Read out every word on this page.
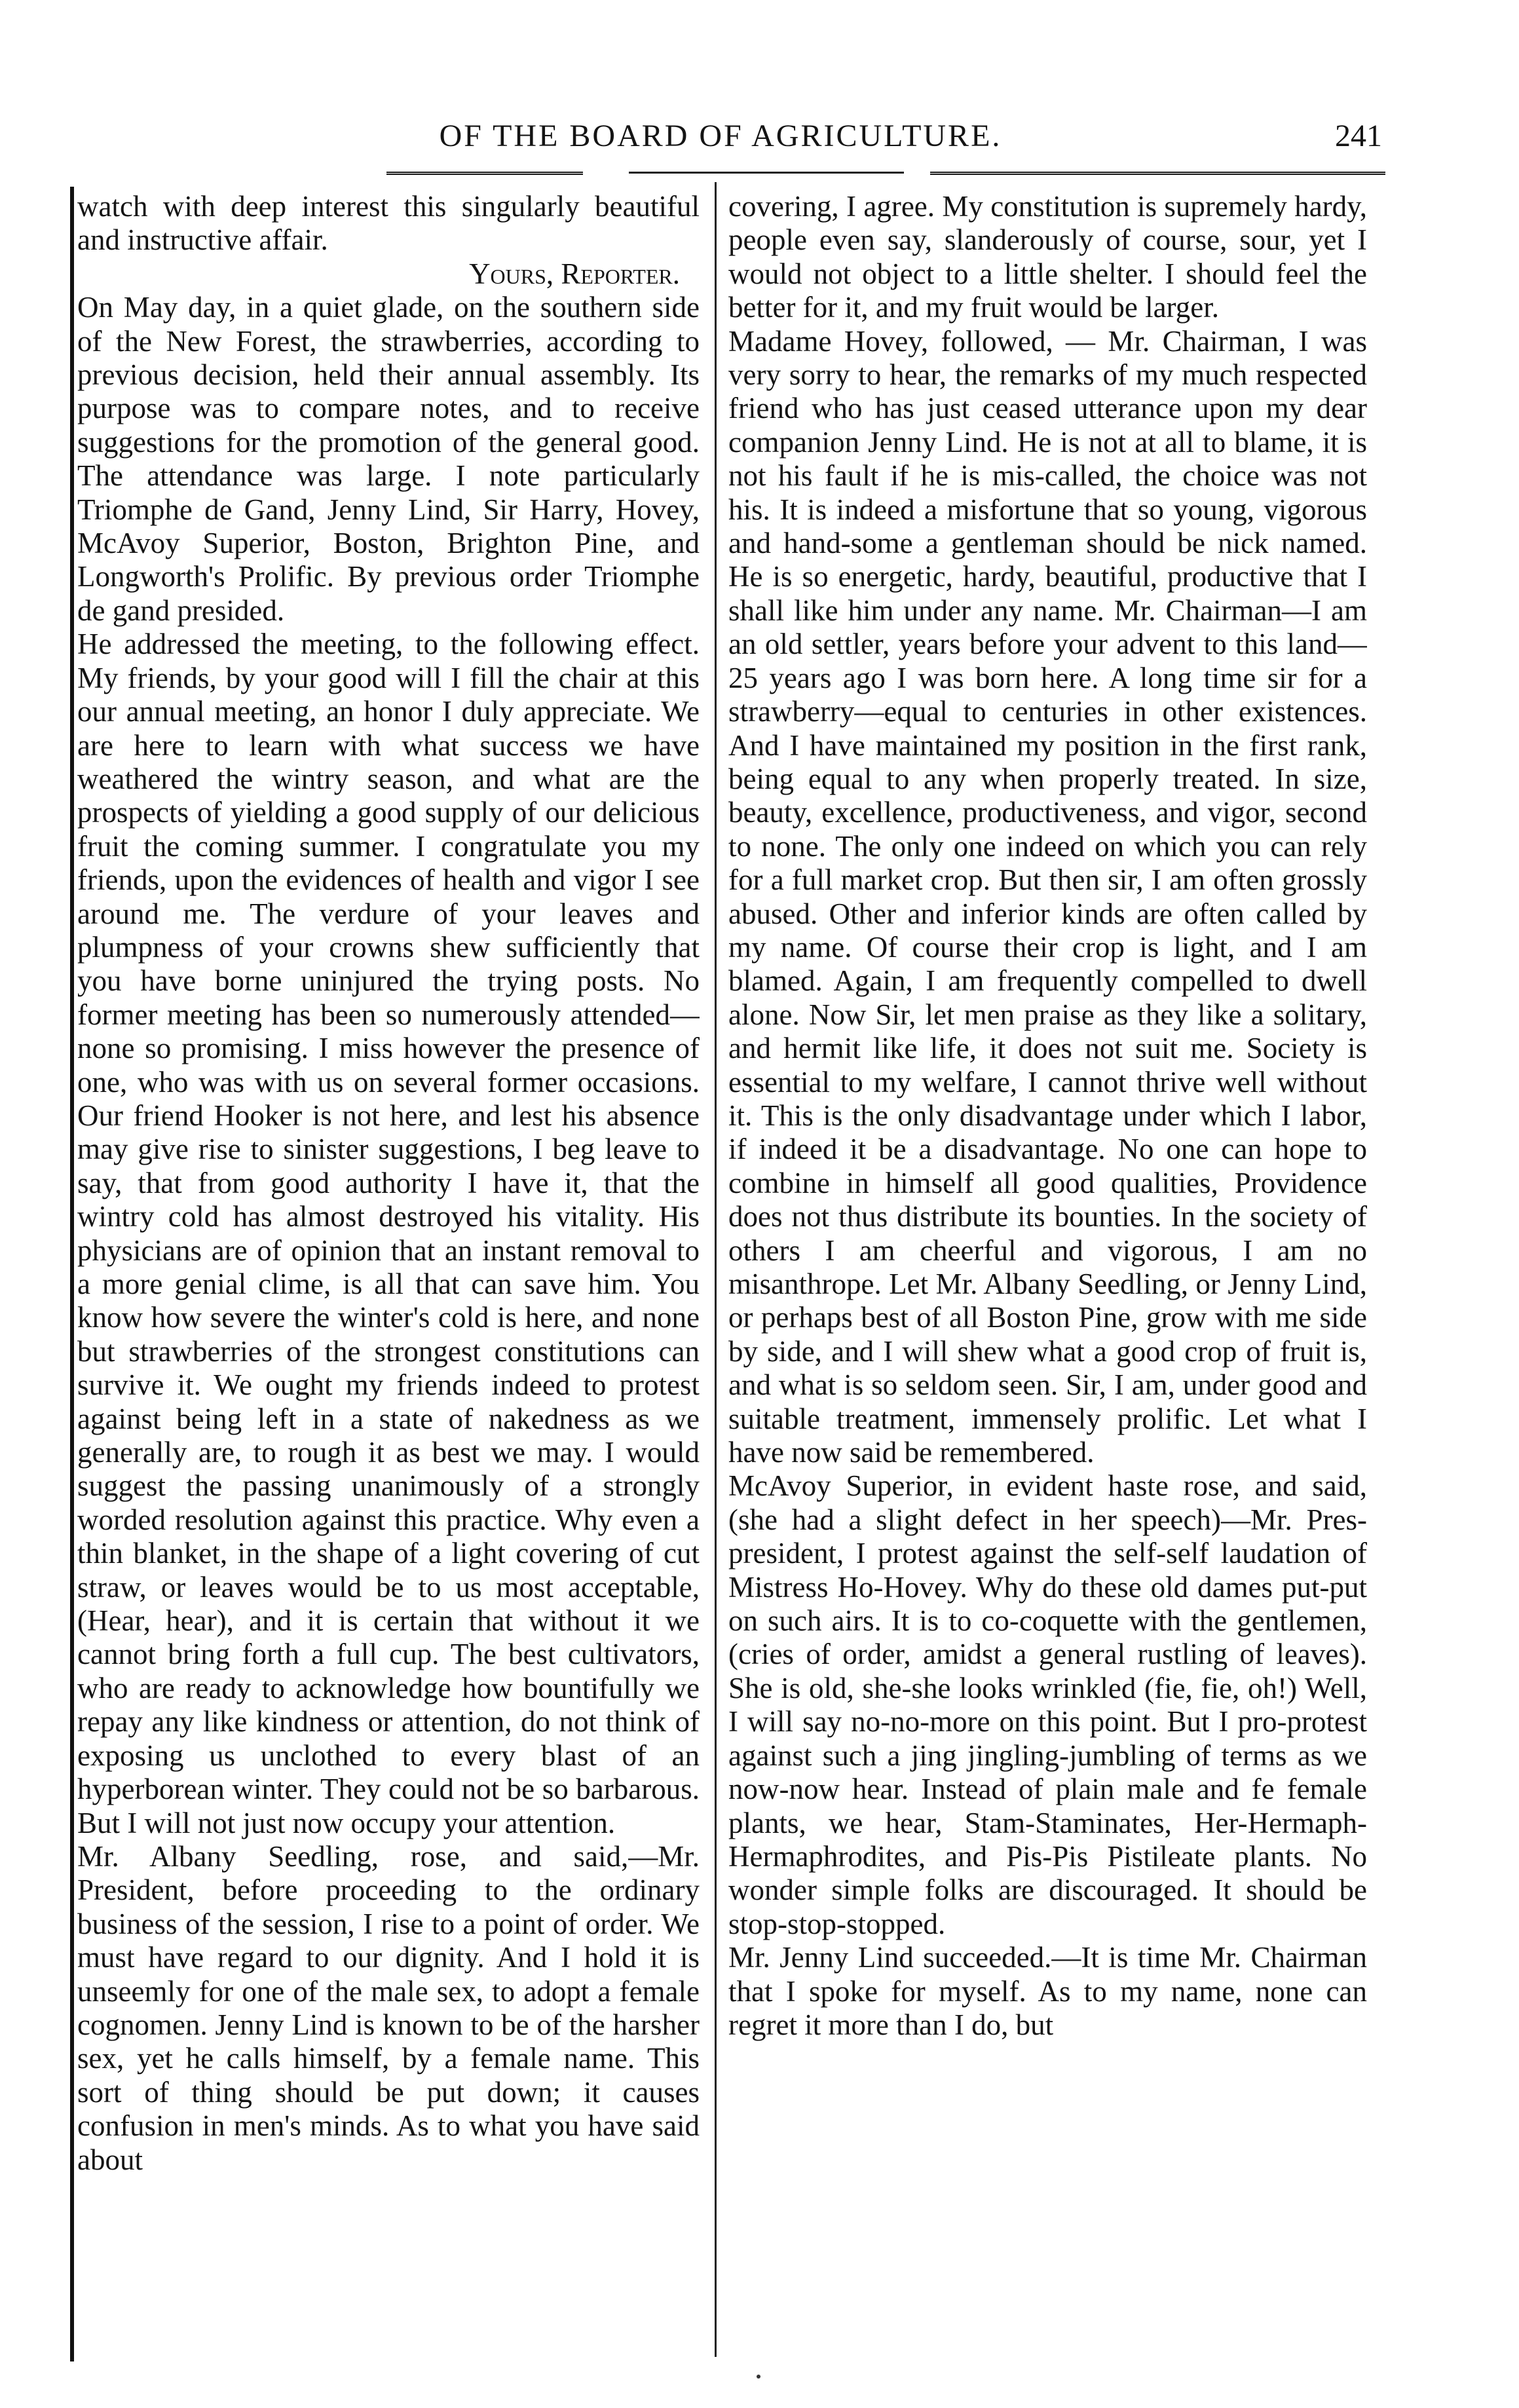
OF THE BOARD OF AGRICULTURE.	241

watch with deep interest this singularly beautiful and instructive affair.

Yours, Reporter.

On May day, in a quiet glade, on the southern side of the New Forest, the strawberries, according to previous decision, held their annual assembly. Its purpose was to compare notes, and to receive suggestions for the promotion of the general good. The attendance was large. I note particularly Triomphe de Gand, Jenny Lind, Sir Harry, Hovey, McAvoy Superior, Boston, Brighton Pine, and Longworth's Prolific. By previous order Triomphe de gand presided.

He addressed the meeting, to the following effect. My friends, by your good will I fill the chair at this our annual meeting, an honor I duly appreciate. We are here to learn with what success we have weathered the wintry season, and what are the prospects of yielding a good supply of our delicious fruit the coming summer. I congratulate you my friends, upon the evidences of health and vigor I see around me. The verdure of your leaves and plumpness of your crowns shew sufficiently that you have borne uninjured the trying posts. No former meeting has been so numerously attended—none so promising. I miss however the presence of one, who was with us on several former occasions. Our friend Hooker is not here, and lest his absence may give rise to sinister suggestions, I beg leave to say, that from good authority I have it, that the wintry cold has almost destroyed his vitality. His physicians are of opinion that an instant removal to a more genial clime, is all that can save him. You know how severe the winter's cold is here, and none but strawberries of the strongest constitutions can survive it. We ought my friends indeed to protest against being left in a state of nakedness as we generally are, to rough it as best we may. I would suggest the passing unanimously of a strongly worded resolution against this practice. Why even a thin blanket, in the shape of a light covering of cut straw, or leaves would be to us most acceptable, (Hear, hear), and it is certain that without it we cannot bring forth a full cup. The best cultivators, who are ready to acknowledge how bountifully we repay any like kindness or attention, do not think of exposing us unclothed to every blast of an hyperborean winter. They could not be so barbarous. But I will not just now occupy your attention.

Mr. Albany Seedling, rose, and said,—Mr. President, before proceeding to the ordinary business of the session, I rise to a point of order. We must have regard to our dignity. And I hold it is unseemly for one of the male sex, to adopt a female cognomen. Jenny Lind is known to be of the harsher sex, yet he calls himself, by a female name. This sort of thing should be put down; it causes confusion in men's minds. As to what you have said about

covering, I agree. My constitution is supremely hardy, people even say, slanderously of course, sour, yet I would not object to a little shelter. I should feel the better for it, and my fruit would be larger.

Madame Hovey, followed, — Mr. Chairman, I was very sorry to hear, the remarks of my much respected friend who has just ceased utterance upon my dear companion Jenny Lind. He is not at all to blame, it is not his fault if he is mis-called, the choice was not his. It is indeed a misfortune that so young, vigorous and hand-some a gentleman should be nick named. He is so energetic, hardy, beautiful, productive that I shall like him under any name. Mr. Chairman—I am an old settler, years before your advent to this land—25 years ago I was born here. A long time sir for a strawberry—equal to centuries in other existences. And I have maintained my position in the first rank, being equal to any when properly treated. In size, beauty, excellence, productiveness, and vigor, second to none. The only one indeed on which you can rely for a full market crop. But then sir, I am often grossly abused. Other and inferior kinds are often called by my name. Of course their crop is light, and I am blamed. Again, I am frequently compelled to dwell alone. Now Sir, let men praise as they like a solitary, and hermit like life, it does not suit me. Society is essential to my welfare, I cannot thrive well without it. This is the only disadvantage under which I labor, if indeed it be a disadvantage. No one can hope to combine in himself all good qualities, Providence does not thus distribute its bounties. In the society of others I am cheerful and vigorous, I am no misanthrope. Let Mr. Albany Seedling, or Jenny Lind, or perhaps best of all Boston Pine, grow with me side by side, and I will shew what a good crop of fruit is, and what is so seldom seen. Sir, I am, under good and suitable treatment, immensely prolific. Let what I have now said be remembered.

McAvoy Superior, in evident haste rose, and said, (she had a slight defect in her speech)—Mr. Pres-president, I protest against the self-self laudation of Mistress Ho-Hovey. Why do these old dames put-put on such airs. It is to co-coquette with the gentlemen, (cries of order, amidst a general rustling of leaves). She is old, she-she looks wrinkled (fie, fie, oh!) Well, I will say no-no-more on this point. But I pro-protest against such a jing jingling-jumbling of terms as we now-now hear. Instead of plain male and fe female plants, we hear, Stam-Staminates, Her-Hermaph-Hermaphrodites, and Pis-Pis Pistileate plants. No wonder simple folks are discouraged. It should be stop-stop-stopped.

Mr. Jenny Lind succeeded.—It is time Mr. Chairman that I spoke for myself. As to my name, none can regret it more than I do, but
